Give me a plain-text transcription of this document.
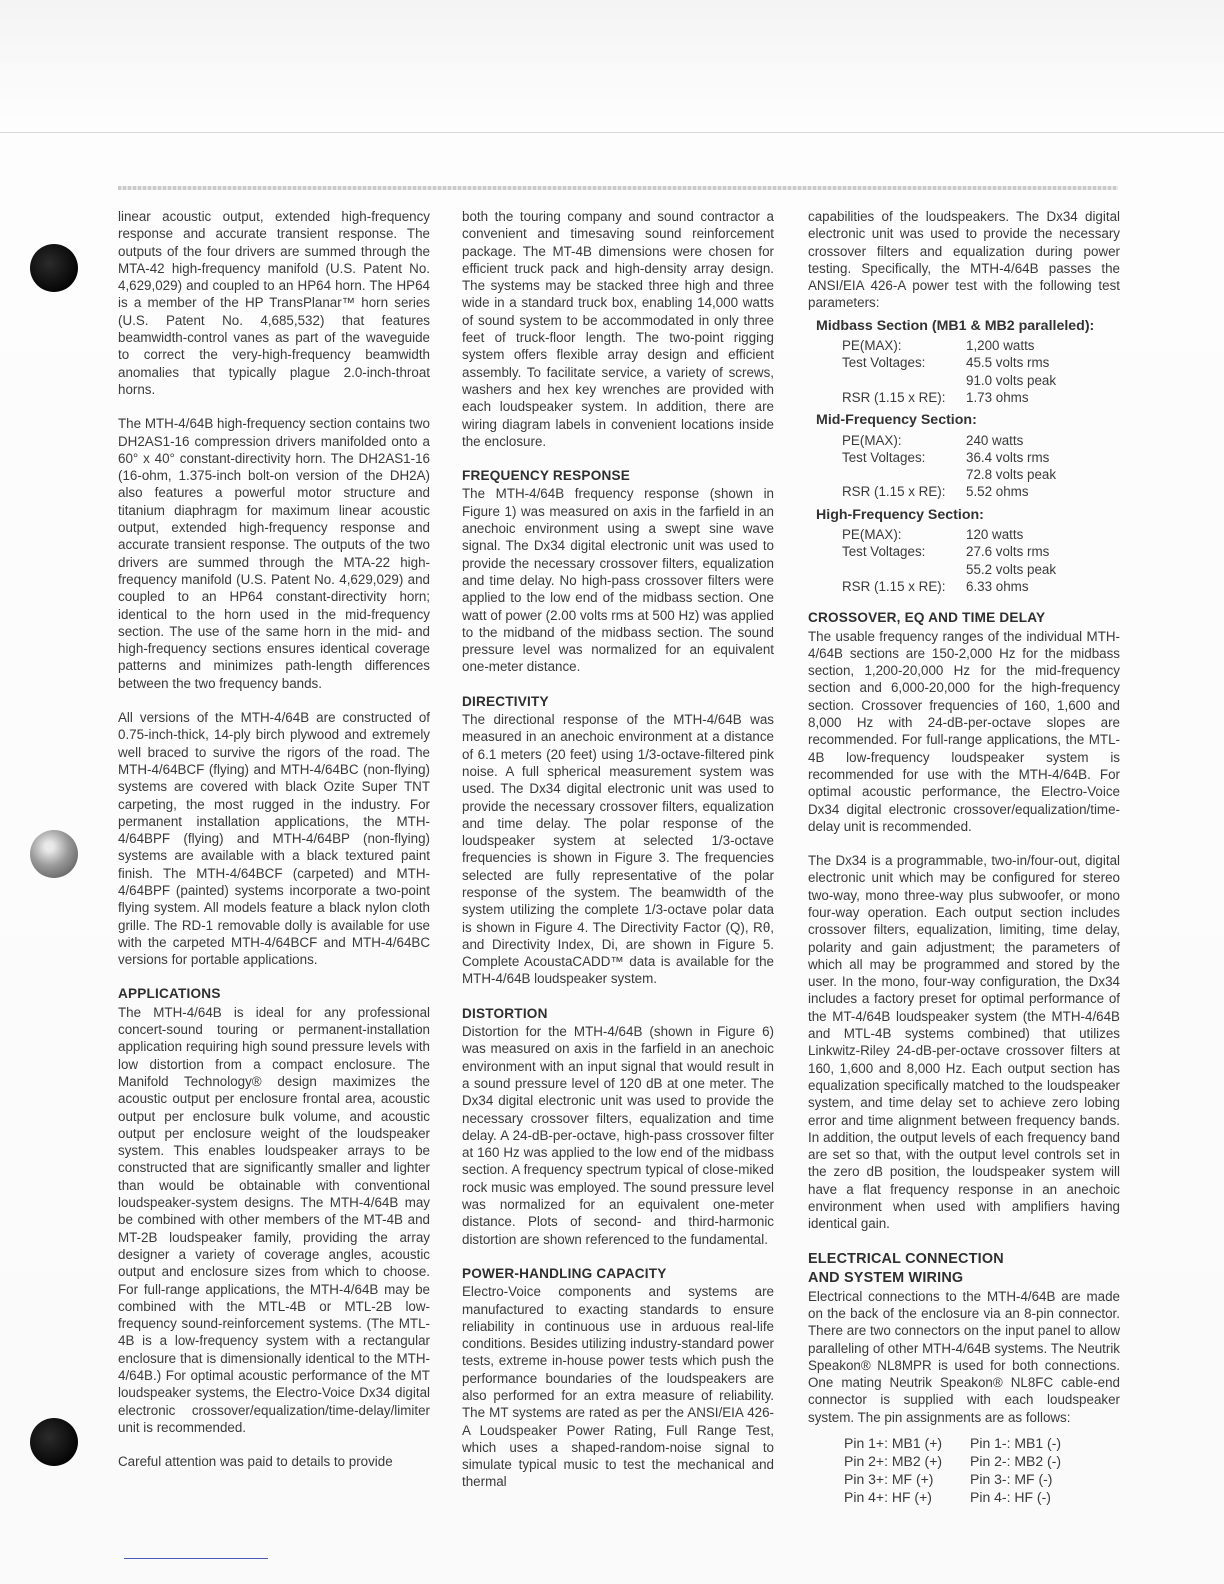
linear acoustic output, extended high-frequency response and accurate transient response. The outputs of the four drivers are summed through the MTA-42 high-frequency manifold (U.S. Patent No. 4,629,029) and coupled to an HP64 horn. The HP64 is a member of the HP TransPlanar™ horn series (U.S. Patent No. 4,685,532) that features beamwidth-control vanes as part of the waveguide to correct the very-high-frequency beamwidth anomalies that typically plague 2.0-inch-throat horns.

The MTH-4/64B high-frequency section contains two DH2AS1-16 compression drivers manifolded onto a 60° x 40° constant-directivity horn. The DH2AS1-16 (16-ohm, 1.375-inch bolt-on version of the DH2A) also features a powerful motor structure and titanium diaphragm for maximum linear acoustic output, extended high-frequency response and accurate transient response. The outputs of the two drivers are summed through the MTA-22 high-frequency manifold (U.S. Patent No. 4,629,029) and coupled to an HP64 constant-directivity horn; identical to the horn used in the mid-frequency section. The use of the same horn in the mid- and high-frequency sections ensures identical coverage patterns and minimizes path-length differences between the two frequency bands.

All versions of the MTH-4/64B are constructed of 0.75-inch-thick, 14-ply birch plywood and extremely well braced to survive the rigors of the road. The MTH-4/64BCF (flying) and MTH-4/64BC (non-flying) systems are covered with black Ozite Super TNT carpeting, the most rugged in the industry. For permanent installation applications, the MTH-4/64BPF (flying) and MTH-4/64BP (non-flying) systems are available with a black textured paint finish. The MTH-4/64BCF (carpeted) and MTH-4/64BPF (painted) systems incorporate a two-point flying system. All models feature a black nylon cloth grille. The RD-1 removable dolly is available for use with the carpeted MTH-4/64BCF and MTH-4/64BC versions for portable applications.

APPLICATIONS

The MTH-4/64B is ideal for any professional concert-sound touring or permanent-installation application requiring high sound pressure levels with low distortion from a compact enclosure. The Manifold Technology® design maximizes the acoustic output per enclosure frontal area, acoustic output per enclosure bulk volume, and acoustic output per enclosure weight of the loudspeaker system. This enables loudspeaker arrays to be constructed that are significantly smaller and lighter than would be obtainable with conventional loudspeaker-system designs. The MTH-4/64B may be combined with other members of the MT-4B and MT-2B loudspeaker family, providing the array designer a variety of coverage angles, acoustic output and enclosure sizes from which to choose. For full-range applications, the MTH-4/64B may be combined with the MTL-4B or MTL-2B low-frequency sound-reinforcement systems. (The MTL-4B is a low-frequency system with a rectangular enclosure that is dimensionally identical to the MTH-4/64B.) For optimal acoustic performance of the MT loudspeaker systems, the Electro-Voice Dx34 digital electronic crossover/equalization/time-delay/limiter unit is recommended.

Careful attention was paid to details to provide

both the touring company and sound contractor a convenient and timesaving sound reinforcement package. The MT-4B dimensions were chosen for efficient truck pack and high-density array design. The systems may be stacked three high and three wide in a standard truck box, enabling 14,000 watts of sound system to be accommodated in only three feet of truck-floor length. The two-point rigging system offers flexible array design and efficient assembly. To facilitate service, a variety of screws, washers and hex key wrenches are provided with each loudspeaker system. In addition, there are wiring diagram labels in convenient locations inside the enclosure.

FREQUENCY RESPONSE

The MTH-4/64B frequency response (shown in Figure 1) was measured on axis in the farfield in an anechoic environment using a swept sine wave signal. The Dx34 digital electronic unit was used to provide the necessary crossover filters, equalization and time delay. No high-pass crossover filters were applied to the low end of the midbass section. One watt of power (2.00 volts rms at 500 Hz) was applied to the midband of the midbass section. The sound pressure level was normalized for an equivalent one-meter distance.

DIRECTIVITY

The directional response of the MTH-4/64B was measured in an anechoic environment at a distance of 6.1 meters (20 feet) using 1/3-octave-filtered pink noise. A full spherical measurement system was used. The Dx34 digital electronic unit was used to provide the necessary crossover filters, equalization and time delay. The polar response of the loudspeaker system at selected 1/3-octave frequencies is shown in Figure 3. The frequencies selected are fully representative of the polar response of the system. The beamwidth of the system utilizing the complete 1/3-octave polar data is shown in Figure 4. The Directivity Factor (Q), Rθ, and Directivity Index, Di, are shown in Figure 5. Complete AcoustaCADD™ data is available for the MTH-4/64B loudspeaker system.

DISTORTION

Distortion for the MTH-4/64B (shown in Figure 6) was measured on axis in the farfield in an anechoic environment with an input signal that would result in a sound pressure level of 120 dB at one meter. The Dx34 digital electronic unit was used to provide the necessary crossover filters, equalization and time delay. A 24-dB-per-octave, high-pass crossover filter at 160 Hz was applied to the low end of the midbass section. A frequency spectrum typical of close-miked rock music was employed. The sound pressure level was normalized for an equivalent one-meter distance. Plots of second- and third-harmonic distortion are shown referenced to the fundamental.

POWER-HANDLING CAPACITY

Electro-Voice components and systems are manufactured to exacting standards to ensure reliability in continuous use in arduous real-life conditions. Besides utilizing industry-standard power tests, extreme in-house power tests which push the performance boundaries of the loudspeakers are also performed for an extra measure of reliability. The MT systems are rated as per the ANSI/EIA 426-A Loudspeaker Power Rating, Full Range Test, which uses a shaped-random-noise signal to simulate typical music to test the mechanical and thermal

capabilities of the loudspeakers. The Dx34 digital electronic unit was used to provide the necessary crossover filters and equalization during power testing. Specifically, the MTH-4/64B passes the ANSI/EIA 426-A power test with the following test parameters:

Midbass Section (MB1 & MB2 paralleled):
PE(MAX):	1,200 watts
Test Voltages:	45.5 volts rms
91.0 volts peak
RSR (1.15 x RE):	1.73 ohms
Mid-Frequency Section:
PE(MAX):	240 watts
Test Voltages:	36.4 volts rms
72.8 volts peak
RSR (1.15 x RE):	5.52 ohms
High-Frequency Section:
PE(MAX):	120 watts
Test Voltages:	27.6 volts rms
55.2 volts peak
RSR (1.15 x RE):	6.33 ohms
CROSSOVER, EQ AND TIME DELAY

The usable frequency ranges of the individual MTH-4/64B sections are 150-2,000 Hz for the midbass section, 1,200-20,000 Hz for the mid-frequency section and 6,000-20,000 for the high-frequency section. Crossover frequencies of 160, 1,600 and 8,000 Hz with 24-dB-per-octave slopes are recommended. For full-range applications, the MTL-4B low-frequency loudspeaker system is recommended for use with the MTH-4/64B. For optimal acoustic performance, the Electro-Voice Dx34 digital electronic crossover/equalization/time-delay unit is recommended.

The Dx34 is a programmable, two-in/four-out, digital electronic unit which may be configured for stereo two-way, mono three-way plus subwoofer, or mono four-way operation. Each output section includes crossover filters, equalization, limiting, time delay, polarity and gain adjustment; the parameters of which all may be programmed and stored by the user. In the mono, four-way configuration, the Dx34 includes a factory preset for optimal performance of the MT-4/64B loudspeaker system (the MTH-4/64B and MTL-4B systems combined) that utilizes Linkwitz-Riley 24-dB-per-octave crossover filters at 160, 1,600 and 8,000 Hz. Each output section has equalization specifically matched to the loudspeaker system, and time delay set to achieve zero lobing error and time alignment between frequency bands. In addition, the output levels of each frequency band are set so that, with the output level controls set in the zero dB position, the loudspeaker system will have a flat frequency response in an anechoic environment when used with amplifiers having identical gain.

ELECTRICAL CONNECTION
AND SYSTEM WIRING

Electrical connections to the MTH-4/64B are made on the back of the enclosure via an 8-pin connector. There are two connectors on the input panel to allow paralleling of other MTH-4/64B systems. The Neutrik Speakon® NL8MPR is used for both connections. One mating Neutrik Speakon® NL8FC cable-end connector is supplied with each loudspeaker system. The pin assignments are as follows:

Pin 1+: MB1 (+)	Pin 1-: MB1 (-)
Pin 2+: MB2 (+)	Pin 2-: MB2 (-)
Pin 3+: MF (+)	Pin 3-: MF (-)
Pin 4+: HF (+)	Pin 4-: HF (-)
